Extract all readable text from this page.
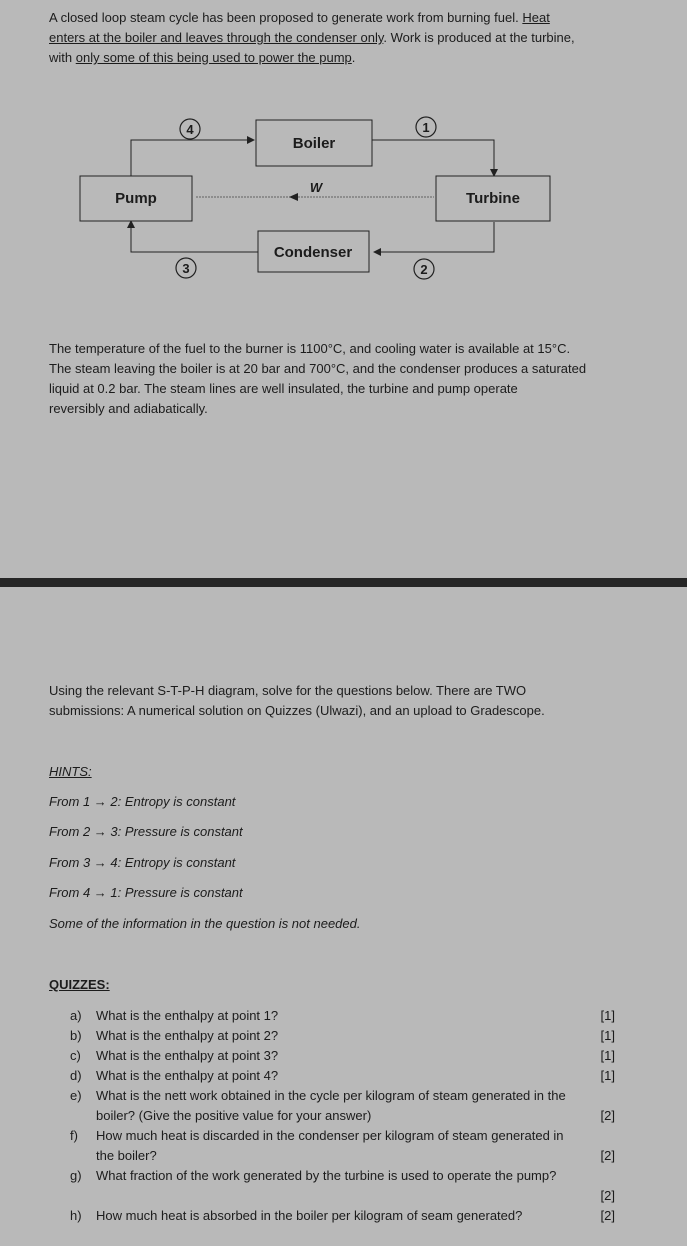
A closed loop steam cycle has been proposed to generate work from burning fuel. Heat
enters at the boiler and leaves through the condenser only. Work is produced at the turbine,
with only some of this being used to power the pump.
Boiler
Pump	Turbine
Condenser
W
4	1
3	2
The temperature of the fuel to the burner is 1100°C, and cooling water is available at 15°C.
The steam leaving the boiler is at 20 bar and 700°C, and the condenser produces a saturated
liquid at 0.2 bar. The steam lines are well insulated, the turbine and pump operate
reversibly and adiabatically.
Using the relevant S-T-P-H diagram, solve for the questions below. There are TWO
submissions: A numerical solution on Quizzes (Ulwazi), and an upload to Gradescope.
HINTS:
From 1 → 2: Entropy is constant
From 2 → 3: Pressure is constant
From 3 → 4: Entropy is constant
From 4 → 1: Pressure is constant
Some of the information in the question is not needed.
QUIZZES:
a) What is the enthalpy at point 1?	[1]
b) What is the enthalpy at point 2?	[1]
c) What is the enthalpy at point 3?	[1]
d) What is the enthalpy at point 4?	[1]
e) What is the nett work obtained in the cycle per kilogram of steam generated in the
boiler? (Give the positive value for your answer)	[2]
f) How much heat is discarded in the condenser per kilogram of steam generated in
the boiler?	[2]
g) What fraction of the work generated by the turbine is used to operate the pump?
[2]
h) How much heat is absorbed in the boiler per kilogram of seam generated?	[2]
